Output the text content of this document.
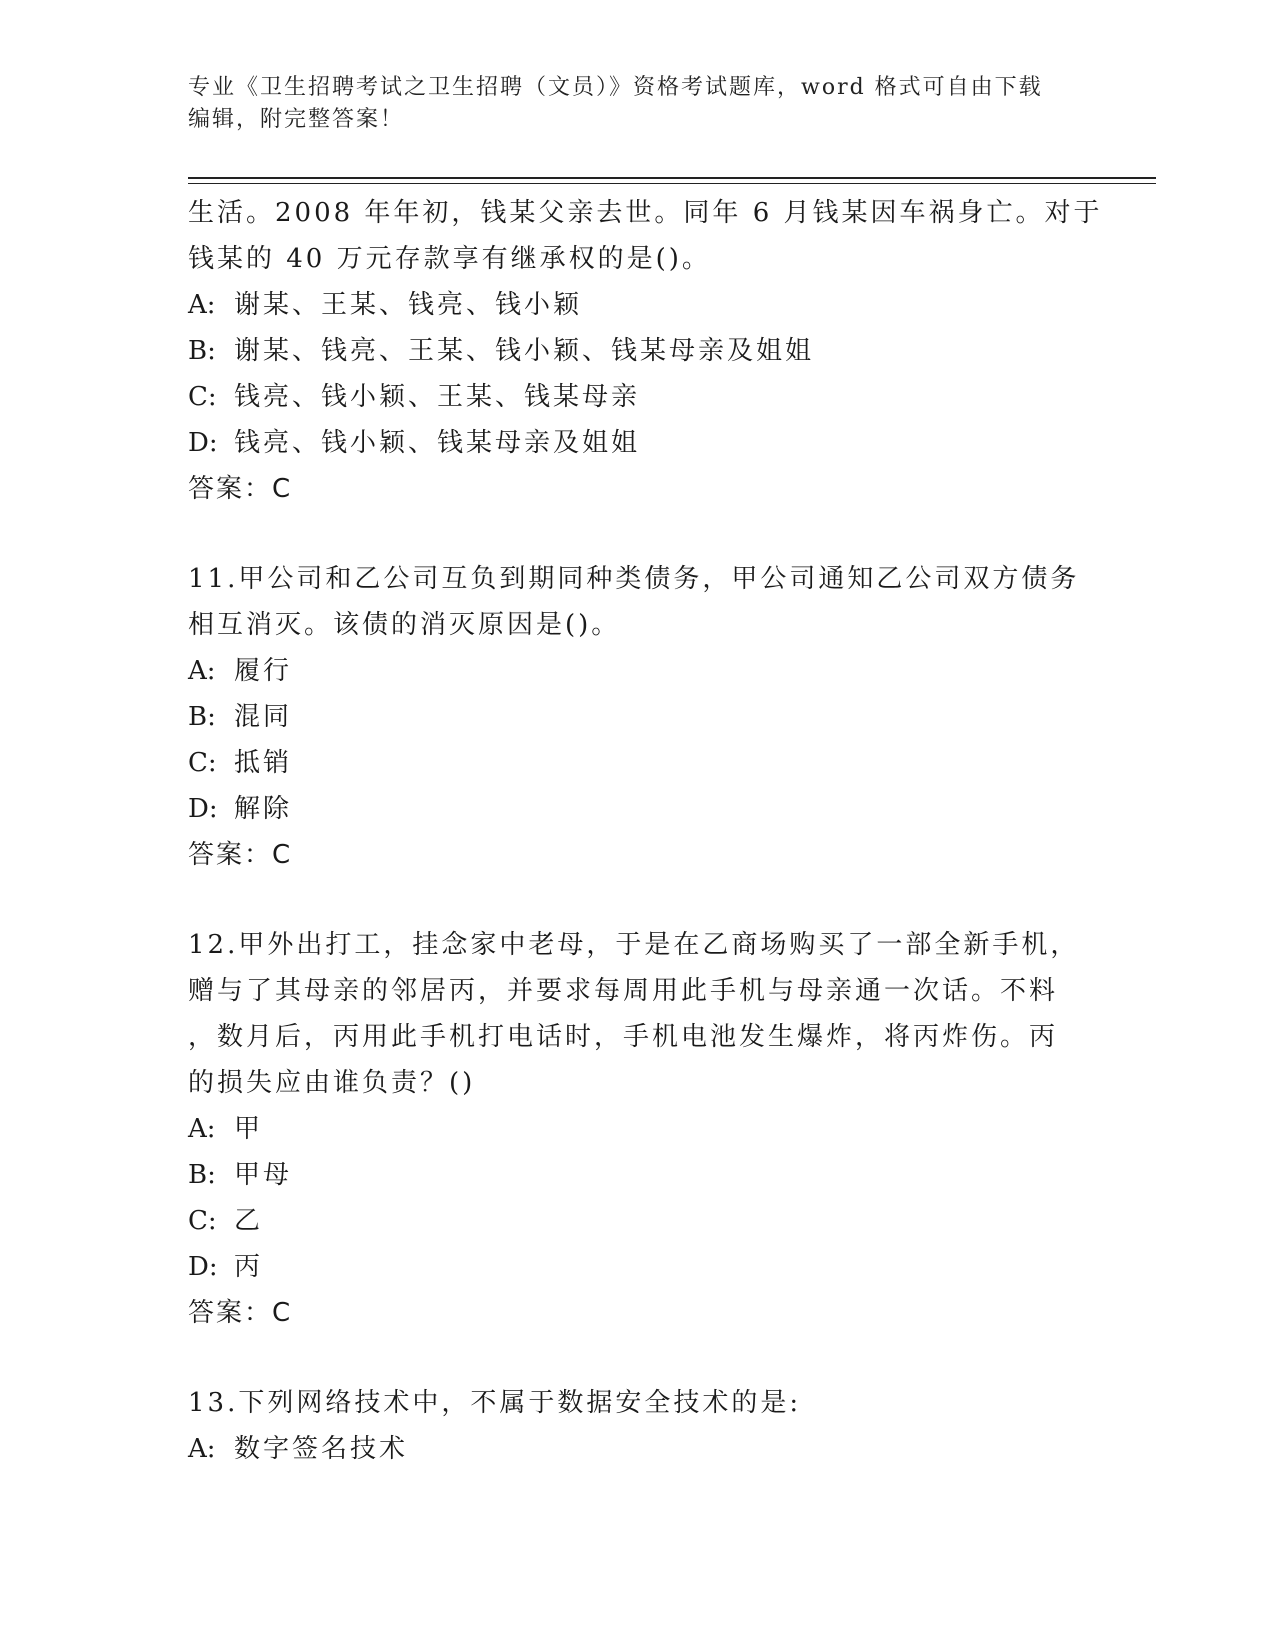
专业《卫生招聘考试之卫生招聘（文员）》资格考试题库，word 格式可自由下载
编辑，附完整答案！
生活。2008 年年初，钱某父亲去世。同年 6 月钱某因车祸身亡。对于
钱某的 40 万元存款享有继承权的是()。
A: 谢某、王某、钱亮、钱小颖
B: 谢某、钱亮、王某、钱小颖、钱某母亲及姐姐
C: 钱亮、钱小颖、王某、钱某母亲
D: 钱亮、钱小颖、钱某母亲及姐姐
答案：C
11.甲公司和乙公司互负到期同种类债务，甲公司通知乙公司双方债务
相互消灭。该债的消灭原因是()。
A: 履行
B: 混同
C: 抵销
D: 解除
答案：C
12.甲外出打工，挂念家中老母，于是在乙商场购买了一部全新手机，
赠与了其母亲的邻居丙，并要求每周用此手机与母亲通一次话。不料
，数月后，丙用此手机打电话时，手机电池发生爆炸，将丙炸伤。丙
的损失应由谁负责？()
A: 甲
B: 甲母
C: 乙
D: 丙
答案：C
13.下列网络技术中，不属于数据安全技术的是:
A: 数字签名技术
